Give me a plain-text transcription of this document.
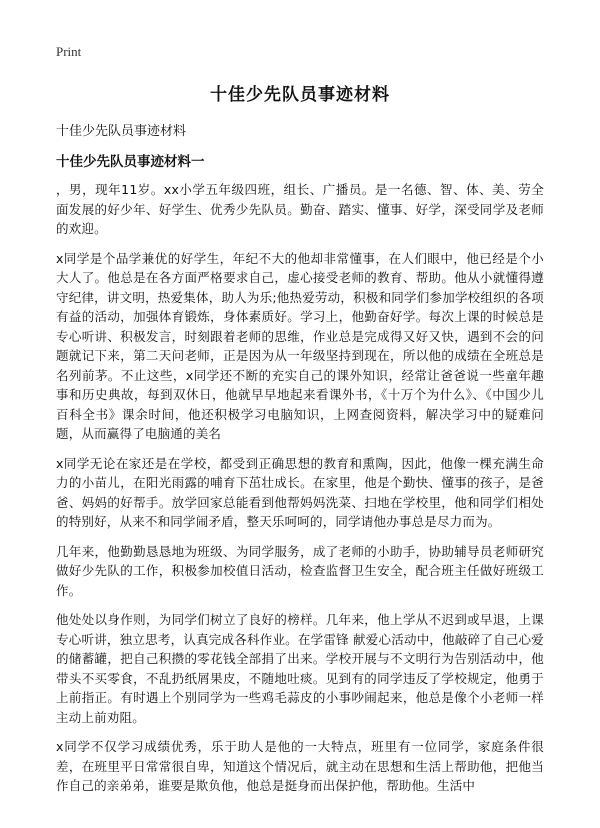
Print
十佳少先队员事迹材料
十佳少先队员事迹材料
十佳少先队员事迹材料一

，男，现年11岁。xx小学五年级四班，组长、广播员。是一名德、智、体、美、劳全面发展的好少年、好学生、优秀少先队员。勤奋、踏实、懂事、好学，深受同学及老师的欢迎。

x同学是个品学兼优的好学生，年纪不大的他却非常懂事，在人们眼中，他已经是个小大人了。他总是在各方面严格要求自己，虚心接受老师的教育、帮助。他从小就懂得遵守纪律，讲文明，热爱集体，助人为乐;他热爱劳动，积极和同学们参加学校组织的各项有益的活动，加强体育锻炼，身体素质好。学习上，他勤奋好学。每次上课的时候总是专心听讲、积极发言，时刻跟着老师的思维，作业总是完成得又好又快，遇到不会的问题就记下来，第二天问老师，正是因为从一年级坚持到现在，所以他的成绩在全班总是名列前茅。不止这些，x同学还不断的充实自己的课外知识，经常让爸爸说一些童年趣事和历史典故，每到双休日，他就早早地起来看课外书，《十万个为什么》、《中国少儿百科全书》课余时间，他还积极学习电脑知识，上网查阅资料，解决学习中的疑难问题，从而赢得了电脑通的美名

x同学无论在家还是在学校，都受到正确思想的教育和熏陶，因此，他像一棵充满生命力的小苗儿，在阳光雨露的哺育下茁壮成长。在家里，他是个勤快、懂事的孩子，是爸爸、妈妈的好帮手。放学回家总能看到他帮妈妈洗菜、扫地在学校里，他和同学们相处的特别好，从来不和同学闹矛盾，整天乐呵呵的，同学请他办事总是尽力而为。

几年来，他勤勤恳恳地为班级、为同学服务，成了老师的小助手，协助辅导员老师研究做好少先队的工作，积极参加校值日活动，检查监督卫生安全，配合班主任做好班级工作。

他处处以身作则，为同学们树立了良好的榜样。几年来，他上学从不迟到或早退，上课专心听讲，独立思考，认真完成各科作业。在学雷锋 献爱心活动中，他敲碎了自己心爱的储蓄罐，把自己积攒的零花钱全部捐了出来。学校开展与不文明行为告别活动中，他带头不买零食，不乱扔纸屑果皮，不随地吐痰。见到有的同学违反了学校规定，他勇于上前指正。有时遇上个别同学为一些鸡毛蒜皮的小事吵闹起来，他总是像个小老师一样主动上前劝阻。

x同学不仅学习成绩优秀，乐于助人是他的一大特点，班里有一位同学，家庭条件很差，在班里平日常常很自卑，知道这个情况后，就主动在思想和生活上帮助他，把他当作自己的亲弟弟，谁要是欺负他，他总是挺身而出保护他，帮助他。生活中
